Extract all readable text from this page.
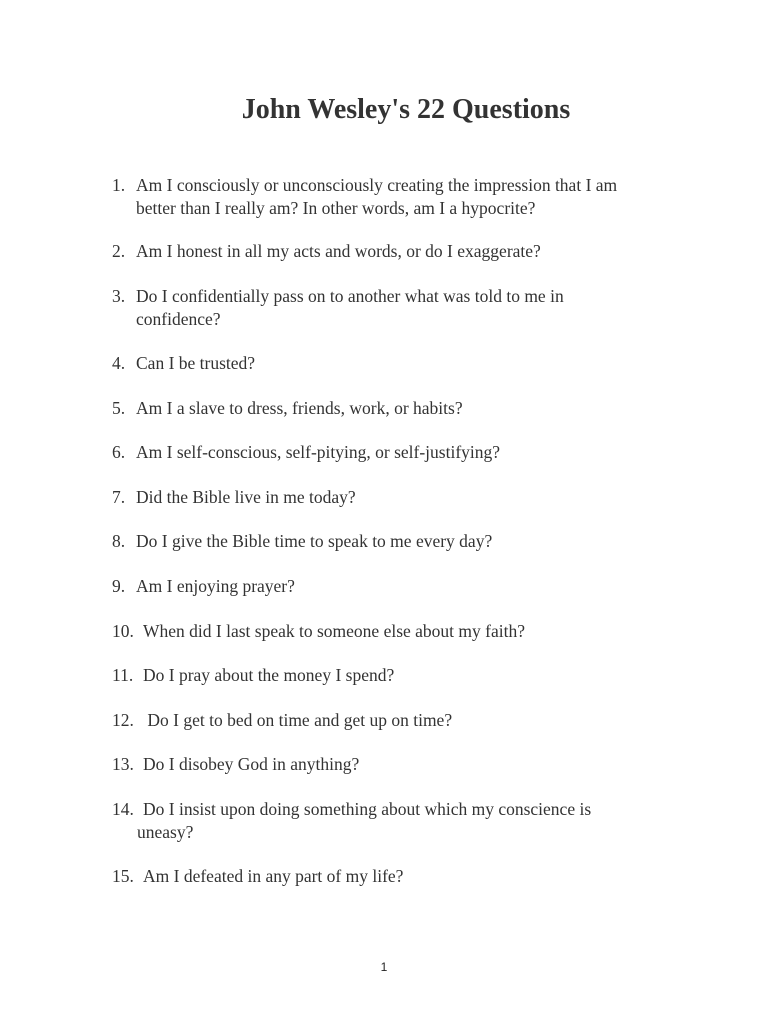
John Wesley's 22 Questions
1. Am I consciously or unconsciously creating the impression that I am
better than I really am? In other words, am I a hypocrite?
2. Am I honest in all my acts and words, or do I exaggerate?
3. Do I confidentially pass on to another what was told to me in
confidence?
4. Can I be trusted?
5. Am I a slave to dress, friends, work, or habits?
6. Am I self-conscious, self-pitying, or self-justifying?
7. Did the Bible live in me today?
8. Do I give the Bible time to speak to me every day?
9. Am I enjoying prayer?
10. When did I last speak to someone else about my faith?
11. Do I pray about the money I spend?
12. Do I get to bed on time and get up on time?
13. Do I disobey God in anything?
14. Do I insist upon doing something about which my conscience is
uneasy?
15. Am I defeated in any part of my life?
1
